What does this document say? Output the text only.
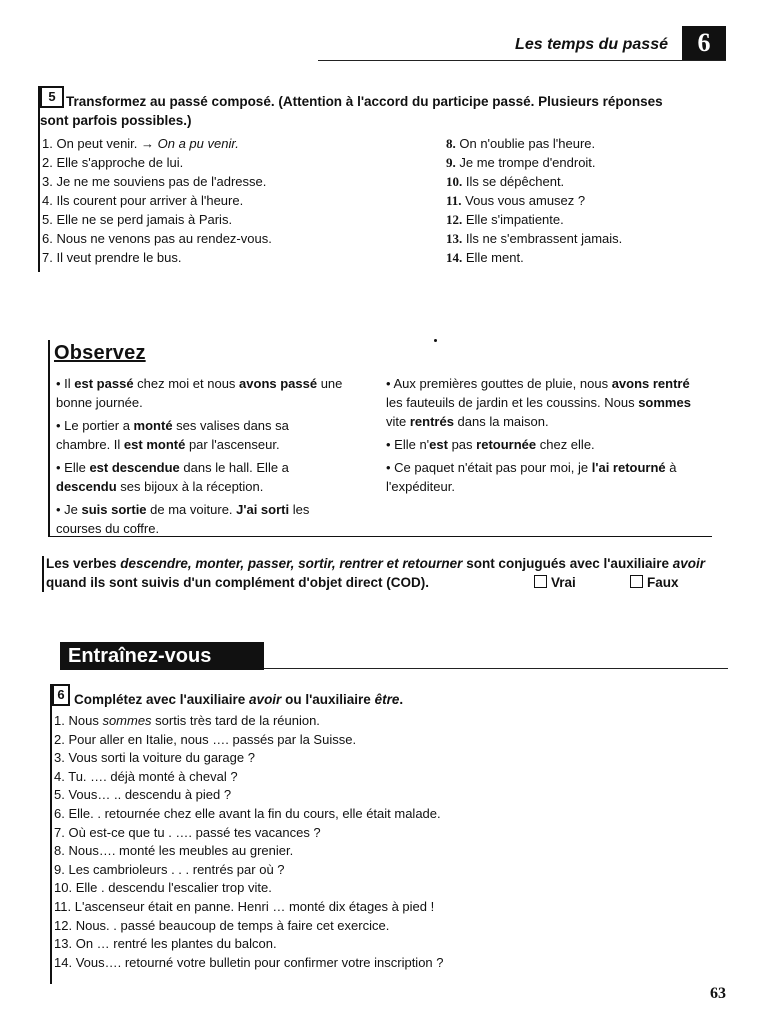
Les temps du passé	6
5 Transformez au passé composé. (Attention à l'accord du participe passé. Plusieurs réponses
sont parfois possibles.)
1. On peut venir. → On a pu venir.
2. Elle s'approche de lui.
3. Je ne me souviens pas de l'adresse.
4. Ils courent pour arriver à l'heure.
5. Elle ne se perd jamais à Paris.
6. Nous ne venons pas au rendez-vous.
7. Il veut prendre le bus.
8. On n'oublie pas l'heure.
9. Je me trompe d'endroit.
10. Ils se dépêchent.
11. Vous vous amusez ?
12. Elle s'impatiente.
13. Ils ne s'embrassent jamais.
14. Elle ment.
Observez

• Il est passé chez moi et nous avons passé une bonne journée.

• Le portier a monté ses valises dans sa chambre. Il est monté par l'ascenseur.

• Elle est descendue dans le hall. Elle a descendu ses bijoux à la réception.

• Je suis sortie de ma voiture. J'ai sorti les courses du coffre.

• Aux premières gouttes de pluie, nous avons rentré les fauteuils de jardin et les coussins. Nous sommes vite rentrés dans la maison.

• Elle n'est pas retournée chez elle.

• Ce paquet n'était pas pour moi, je l'ai retourné à l'expéditeur.

Les verbes descendre, monter, passer, sortir, rentrer et retourner sont conjugués avec l'auxiliaire avoir
quand ils sont suivis d'un complément d'objet direct (COD).	Vrai	Faux
Entraînez-vous
6 Complétez avec l'auxiliaire avoir ou l'auxiliaire être.
1. Nous sommes sortis très tard de la réunion.
2. Pour aller en Italie, nous …. passés par la Suisse.
3. Vous sorti la voiture du garage ?
4. Tu. …. déjà monté à cheval ?
5. Vous… .. descendu à pied ?
6. Elle. . retournée chez elle avant la fin du cours, elle était malade.
7. Où est-ce que tu . …. passé tes vacances ?
8. Nous…. monté les meubles au grenier.
9. Les cambrioleurs . . . rentrés par où ?
10. Elle . descendu l'escalier trop vite.
11. L'ascenseur était en panne. Henri … monté dix étages à pied !
12. Nous. . passé beaucoup de temps à faire cet exercice.
13. On … rentré les plantes du balcon.
14. Vous…. retourné votre bulletin pour confirmer votre inscription ?
63
